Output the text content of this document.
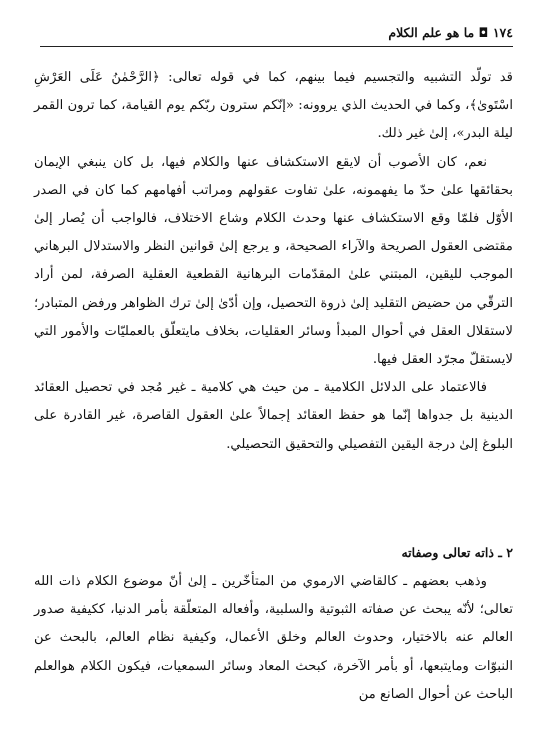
١٧٤ ◘ ما هو علم الكلام

قد تولّد التشبيه والتجسيم فيما بينهم، كما في قوله تعالى: ﴿الرَّحْمٰنُ عَلَى العَرْشِ اسْتَوىٰ﴾، وكما في الحديث الذي يروونه: «إنّكم سترون ربّكم يوم القيامة، كما ترون القمر ليلة البدر»، إلىٰ غير ذلك.

نعم، كان الأصوب أن لايقع الاستكشاف عنها والكلام فيها، بل كان ينبغي الإيمان بحقائقها علىٰ حدّ ما يفهمونه، علىٰ تفاوت عقولهم ومراتب أفهامهم كما كان في الصدر الأوّل فلمّا وقع الاستكشاف عنها وحدث الكلام وشاع الاختلاف، فالواجب أن يُصار إلىٰ مقتضى العقول الصريحة والآراء الصحيحة، و يرجع إلىٰ قوانين النظر والاستدلال البرهاني الموجب لليقين، المبتني علىٰ المقدّمات البرهانية القطعية العقلية الصرفة، لمن أراد الترقّي من حضيض التقليد إلىٰ ذروة التحصيل، وإن أدّىٰ إلىٰ ترك الظواهر ورفض المتبادر؛ لاستقلال العقل في أحوال المبدأ وسائر العقليات، بخلاف مايتعلّق بالعمليّات والأمور التي لايستقلّ مجرّد العقل فيها.

فالاعتماد على الدلائل الكلامية ـ من حيث هي كلامية ـ غير مُجد في تحصيل العقائد الدينية بل جدواها إنّما هو حفظ العقائد إجمالاً علىٰ العقول القاصرة، غير القادرة على البلوغ إلىٰ درجة اليقين التفصيلي والتحقيق التحصيلي.

٢ ـ ذاته تعالى وصفاته

وذهب بعضهم ـ كالقاضي الارموي من المتأخّرين ـ إلىٰ أنّ موضوع الكلام ذات الله تعالى؛ لأنّه يبحث عن صفاته الثبوتية والسلبية، وأفعاله المتعلّقة بأمر الدنيا، ككيفية صدور العالم عنه بالاختيار، وحدوث العالم وخلق الأعمال، وكيفية نظام العالم، بالبحث عن النبوّات ومايتبعها، أو بأمر الآخرة، كبحث المعاد وسائر السمعيات، فيكون الكلام هوالعلم الباحث عن أحوال الصانع من
